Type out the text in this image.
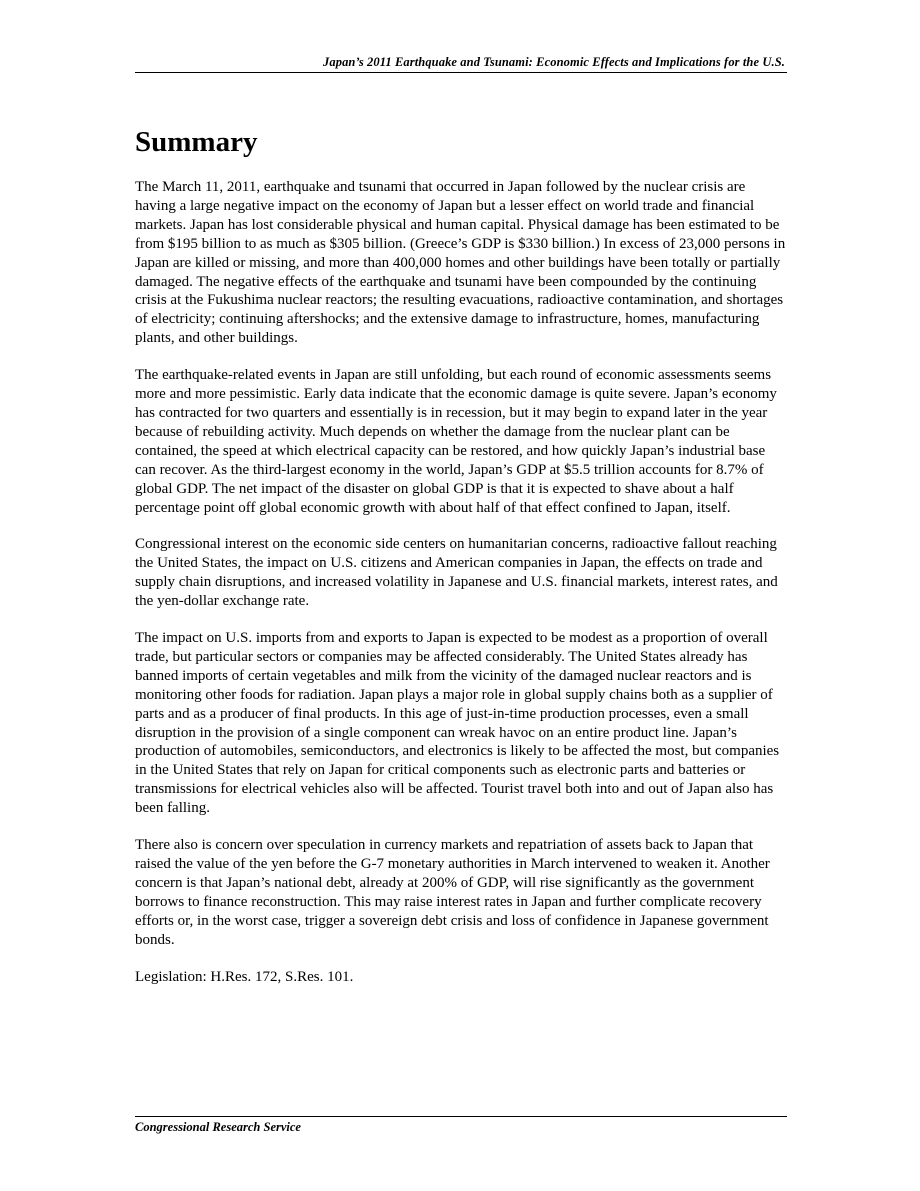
Japan’s 2011 Earthquake and Tsunami: Economic Effects and Implications for the U.S.
Summary

The March 11, 2011, earthquake and tsunami that occurred in Japan followed by the nuclear crisis are having a large negative impact on the economy of Japan but a lesser effect on world trade and financial markets. Japan has lost considerable physical and human capital. Physical damage has been estimated to be from $195 billion to as much as $305 billion. (Greece’s GDP is $330 billion.) In excess of 23,000 persons in Japan are killed or missing, and more than 400,000 homes and other buildings have been totally or partially damaged. The negative effects of the earthquake and tsunami have been compounded by the continuing crisis at the Fukushima nuclear reactors; the resulting evacuations, radioactive contamination, and shortages of electricity; continuing aftershocks; and the extensive damage to infrastructure, homes, manufacturing plants, and other buildings.

The earthquake-related events in Japan are still unfolding, but each round of economic assessments seems more and more pessimistic. Early data indicate that the economic damage is quite severe. Japan’s economy has contracted for two quarters and essentially is in recession, but it may begin to expand later in the year because of rebuilding activity. Much depends on whether the damage from the nuclear plant can be contained, the speed at which electrical capacity can be restored, and how quickly Japan’s industrial base can recover. As the third-largest economy in the world, Japan’s GDP at $5.5 trillion accounts for 8.7% of global GDP. The net impact of the disaster on global GDP is that it is expected to shave about a half percentage point off global economic growth with about half of that effect confined to Japan, itself.

Congressional interest on the economic side centers on humanitarian concerns, radioactive fallout reaching the United States, the impact on U.S. citizens and American companies in Japan, the effects on trade and supply chain disruptions, and increased volatility in Japanese and U.S. financial markets, interest rates, and the yen-dollar exchange rate.

The impact on U.S. imports from and exports to Japan is expected to be modest as a proportion of overall trade, but particular sectors or companies may be affected considerably. The United States already has banned imports of certain vegetables and milk from the vicinity of the damaged nuclear reactors and is monitoring other foods for radiation. Japan plays a major role in global supply chains both as a supplier of parts and as a producer of final products. In this age of just-in-time production processes, even a small disruption in the provision of a single component can wreak havoc on an entire product line. Japan’s production of automobiles, semiconductors, and electronics is likely to be affected the most, but companies in the United States that rely on Japan for critical components such as electronic parts and batteries or transmissions for electrical vehicles also will be affected. Tourist travel both into and out of Japan also has been falling.

There also is concern over speculation in currency markets and repatriation of assets back to Japan that raised the value of the yen before the G-7 monetary authorities in March intervened to weaken it. Another concern is that Japan’s national debt, already at 200% of GDP, will rise significantly as the government borrows to finance reconstruction. This may raise interest rates in Japan and further complicate recovery efforts or, in the worst case, trigger a sovereign debt crisis and loss of confidence in Japanese government bonds.

Legislation: H.Res. 172, S.Res. 101.

Congressional Research Service
